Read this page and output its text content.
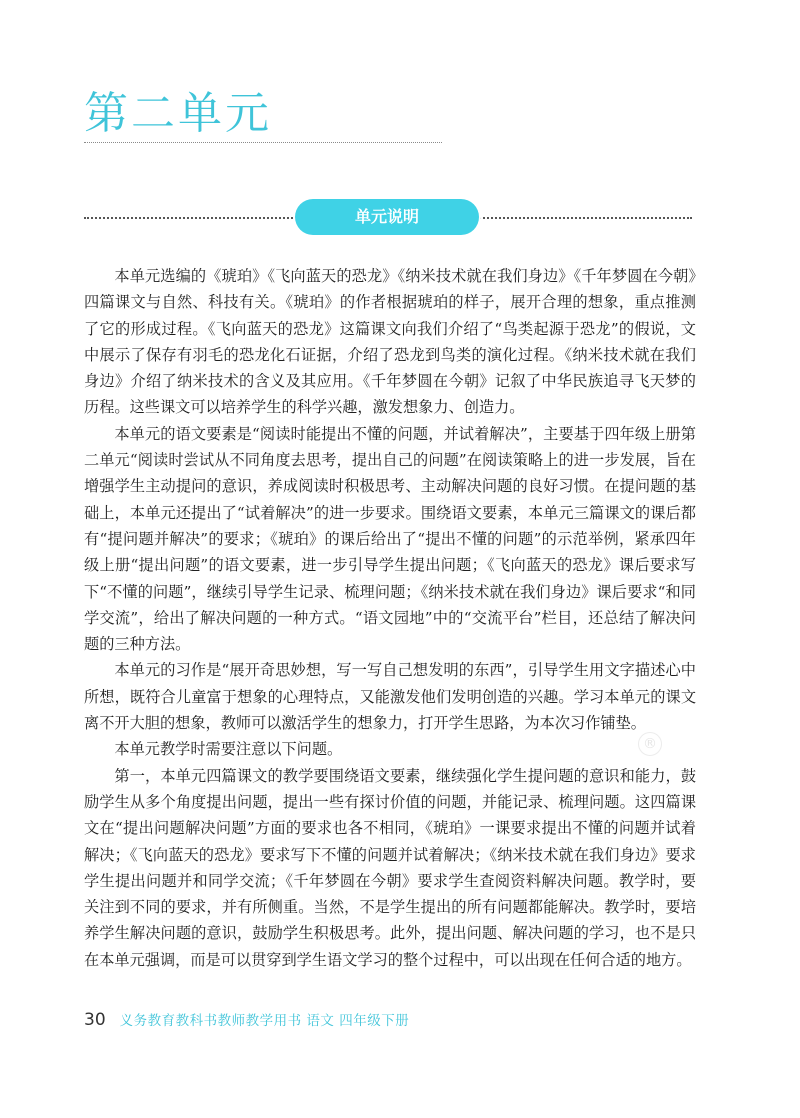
第二单元
单元说明
®

本单元选编的《琥珀》《飞向蓝天的恐龙》《纳米技术就在我们身边》《千年梦圆在今朝》四篇课文与自然、科技有关。《琥珀》的作者根据琥珀的样子，展开合理的想象，重点推测了它的形成过程。《飞向蓝天的恐龙》这篇课文向我们介绍了“鸟类起源于恐龙”的假说，文中展示了保存有羽毛的恐龙化石证据，介绍了恐龙到鸟类的演化过程。《纳米技术就在我们身边》介绍了纳米技术的含义及其应用。《千年梦圆在今朝》记叙了中华民族追寻飞天梦的历程。这些课文可以培养学生的科学兴趣，激发想象力、创造力。

本单元的语文要素是“阅读时能提出不懂的问题，并试着解决”，主要基于四年级上册第二单元“阅读时尝试从不同角度去思考，提出自己的问题”在阅读策略上的进一步发展，旨在增强学生主动提问的意识，养成阅读时积极思考、主动解决问题的良好习惯。在提问题的基础上，本单元还提出了“试着解决”的进一步要求。围绕语文要素，本单元三篇课文的课后都有“提问题并解决”的要求；《琥珀》的课后给出了“提出不懂的问题”的示范举例，紧承四年级上册“提出问题”的语文要素，进一步引导学生提出问题；《飞向蓝天的恐龙》课后要求写下“不懂的问题”，继续引导学生记录、梳理问题；《纳米技术就在我们身边》课后要求“和同学交流”，给出了解决问题的一种方式。“语文园地”中的“交流平台”栏目，还总结了解决问题的三种方法。

本单元的习作是“展开奇思妙想，写一写自己想发明的东西”，引导学生用文字描述心中所想，既符合儿童富于想象的心理特点，又能激发他们发明创造的兴趣。学习本单元的课文离不开大胆的想象，教师可以激活学生的想象力，打开学生思路，为本次习作铺垫。

本单元教学时需要注意以下问题。

第一，本单元四篇课文的教学要围绕语文要素，继续强化学生提问题的意识和能力，鼓励学生从多个角度提出问题，提出一些有探讨价值的问题，并能记录、梳理问题。这四篇课文在“提出问题解决问题”方面的要求也各不相同，《琥珀》一课要求提出不懂的问题并试着解决；《飞向蓝天的恐龙》要求写下不懂的问题并试着解决；《纳米技术就在我们身边》要求学生提出问题并和同学交流；《千年梦圆在今朝》要求学生查阅资料解决问题。教学时，要关注到不同的要求，并有所侧重。当然，不是学生提出的所有问题都能解决。教学时，要培养学生解决问题的意识，鼓励学生积极思考。此外，提出问题、解决问题的学习，也不是只在本单元强调，而是可以贯穿到学生语文学习的整个过程中，可以出现在任何合适的地方。

30 义务教育教科书教师教学用书 语文 四年级下册
